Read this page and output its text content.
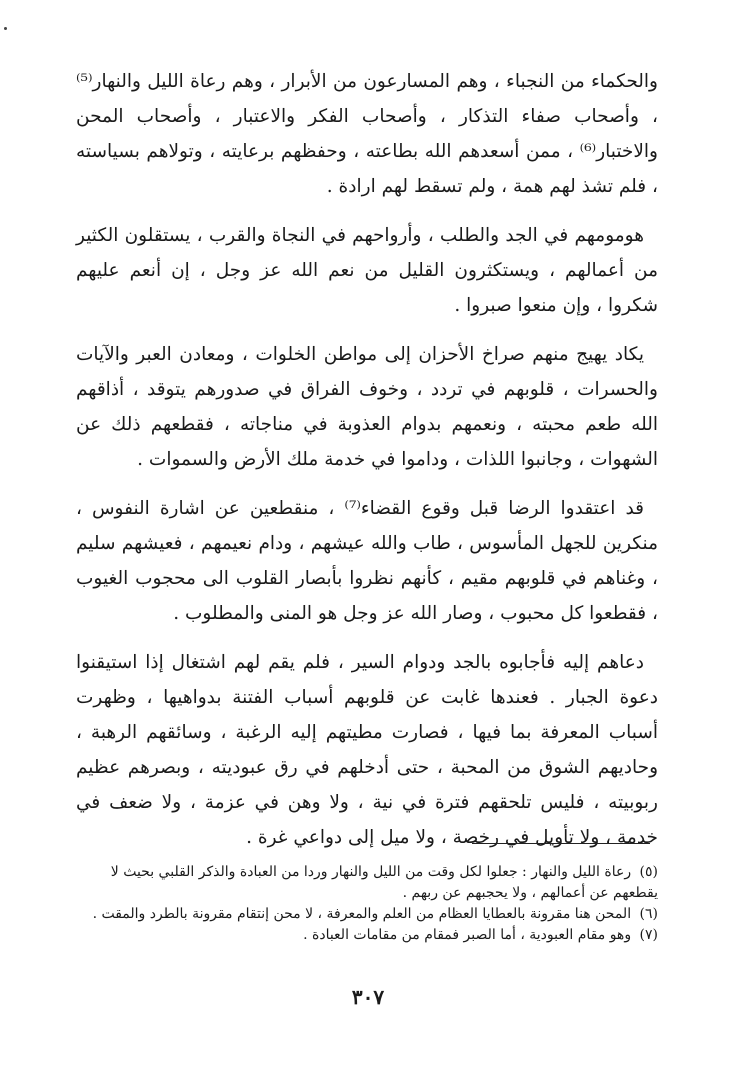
والحكماء من النجباء ، وهم المسارعون من الأبرار ، وهم رعاة الليل والنهار⁽⁵⁾ ، وأصحاب صفاء التذكار ، وأصحاب الفكر والاعتبار ، وأصحاب المحن والاختبار⁽⁶⁾ ، ممن أسعدهم الله بطاعته ، وحفظهم برعايته ، وتولاهم بسياسته ، فلم تشذ لهم همة ، ولم تسقط لهم ارادة .

هومومهم في الجد والطلب ، وأرواحهم في النجاة والقرب ، يستقلون الكثير من أعمالهم ، ويستكثرون القليل من نعم الله عز وجل ، إن أنعم عليهم شكروا ، وإن منعوا صبروا .

يكاد يهيج منهم صراخ الأحزان إلى مواطن الخلوات ، ومعادن العبر والآيات والحسرات ، قلوبهم في تردد ، وخوف الفراق في صدورهم يتوقد ، أذاقهم الله طعم محبته ، ونعمهم بدوام العذوبة في مناجاته ، فقطعهم ذلك عن الشهوات ، وجانبوا اللذات ، وداموا في خدمة ملك الأرض والسموات .

قد اعتقدوا الرضا قبل وقوع القضاء⁽⁷⁾ ، منقطعين عن اشارة النفوس ، منكرين للجهل المأسوس ، طاب والله عيشهم ، ودام نعيمهم ، فعيشهم سليم ، وغناهم في قلوبهم مقيم ، كأنهم نظروا بأبصار القلوب الى محجوب الغيوب ، فقطعوا كل محبوب ، وصار الله عز وجل هو المنى والمطلوب .

دعاهم إليه فأجابوه بالجد ودوام السير ، فلم يقم لهم اشتغال إذا استيقنوا دعوة الجبار . فعندها غابت عن قلوبهم أسباب الفتنة بدواهيها ، وظهرت أسباب المعرفة بما فيها ، فصارت مطيتهم إليه الرغبة ، وسائقهم الرهبة ، وحاديهم الشوق من المحبة ، حتى أدخلهم في رق عبوديته ، وبصرهم عظيم ربوبيته ، فليس تلحقهم فترة في نية ، ولا وهن في عزمة ، ولا ضعف في خدمة ، ولا تأويل في رخصة ، ولا ميل إلى دواعي غرة .

(٥) رعاة الليل والنهار : جعلوا لكل وقت من الليل والنهار وردا من العبادة والذكر القلبي بحيث لا يقطعهم عن أعمالهم ، ولا يحجبهم عن ربهم .

(٦) المحن هنا مقرونة بالعطايا العظام من العلم والمعرفة ، لا محن إنتقام مقرونة بالطرد والمقت .

(٧) وهو مقام العبودية ، أما الصبر فمقام من مقامات العبادة .

٣٠٧
